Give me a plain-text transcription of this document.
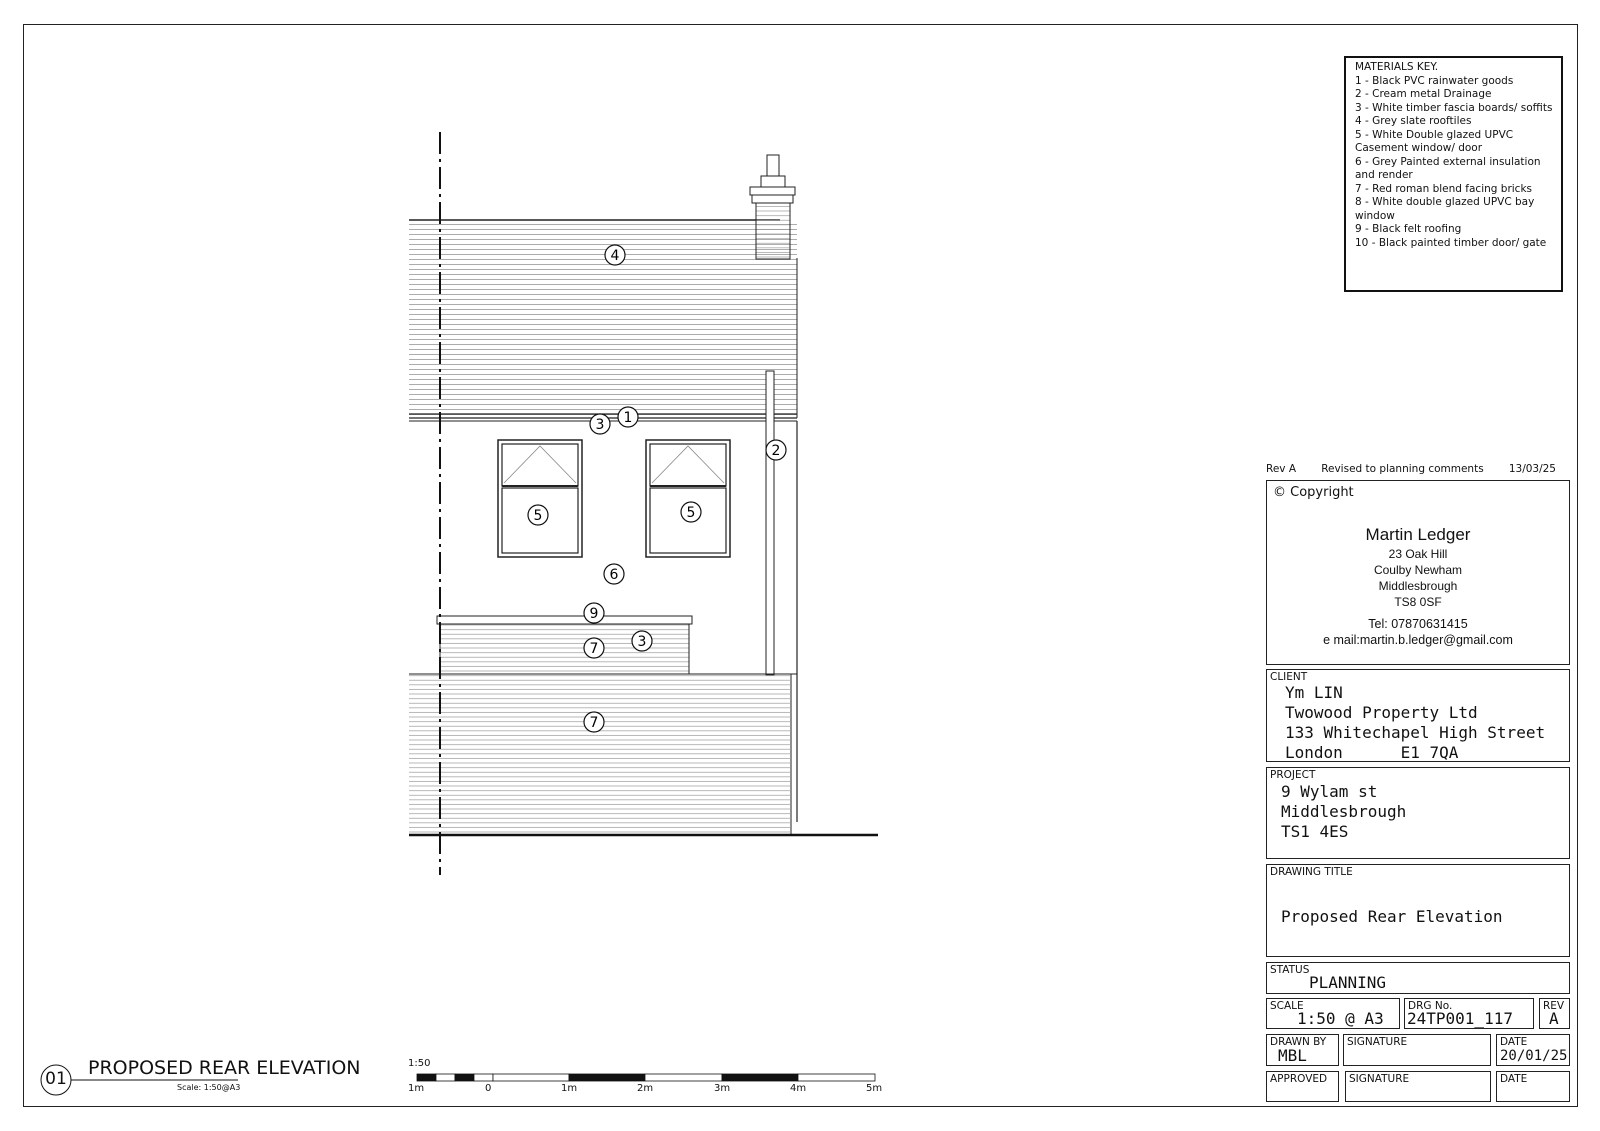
4
3 1
2
5	5
6
9
3
7
7
01 PROPOSED REAR ELEVATION
Scale: 1:50@A3
1:50
1m	0	1m	2m	3m	4m	5m
MATERIALS KEY.
1 - Black PVC rainwater goods
2 - Cream metal Drainage
3 - White timber fascia boards/ soffits
4 - Grey slate rooftiles
5 - White Double glazed UPVC
Casement window/ door
6 - Grey Painted external insulation
and render
7 - Red roman blend facing bricks
8 - White double glazed UPVC bay
window
9 - Black felt roofing
10 - Black painted timber door/ gate
Rev A Revised to planning comments 13/03/25
© Copyright
Martin Ledger
23 Oak Hill
Coulby Newham
Middlesbrough
TS8 0SF
Tel: 07870631415
e mail:martin.b.ledger@gmail.com
CLIENT
Ym LIN
Twowood Property Ltd
133 Whitechapel High Street
London      E1 7QA
PROJECT
9 Wylam st
Middlesbrough
TS1 4ES
DRAWING TITLE
Proposed Rear Elevation
STATUS
PLANNING
SCALE
1:50 @ A3
DRG No.
24TP001_117
REV
A
DRAWN BY
MBL
SIGNATURE	DATE
20/01/25
APPROVED SIGNATURE	DATE
